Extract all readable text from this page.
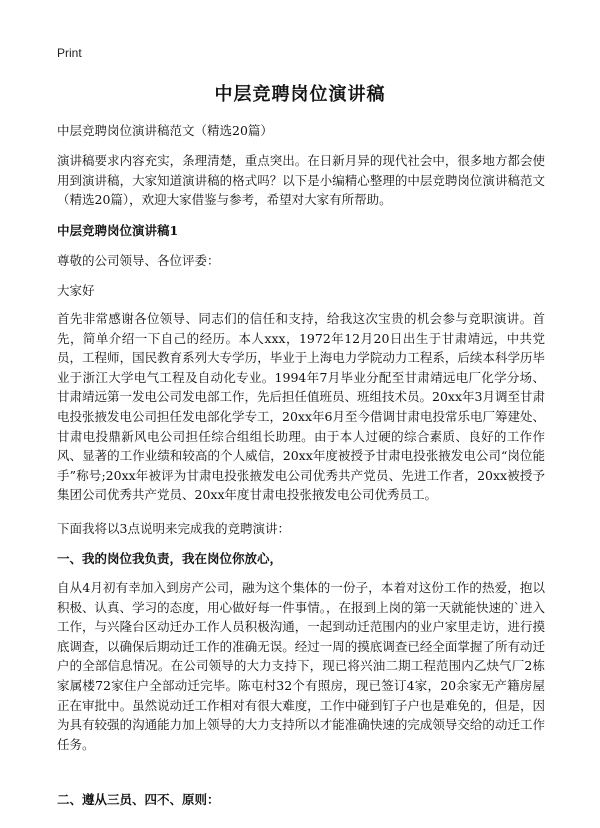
Print
中层竞聘岗位演讲稿
中层竞聘岗位演讲稿范文（精选20篇）

演讲稿要求内容充实，条理清楚，重点突出。在日新月异的现代社会中，很多地方都会使用到演讲稿，大家知道演讲稿的格式吗？以下是小编精心整理的中层竞聘岗位演讲稿范文（精选20篇），欢迎大家借鉴与参考，希望对大家有所帮助。

中层竞聘岗位演讲稿1
尊敬的公司领导、各位评委：
大家好

首先非常感谢各位领导、同志们的信任和支持，给我这次宝贵的机会参与竞职演讲。首先，简单介绍一下自己的经历。本人xxx，1972年12月20日出生于甘肃靖远，中共党员，工程师，国民教育系列大专学历，毕业于上海电力学院动力工程系，后续本科学历毕业于浙江大学电气工程及自动化专业。1994年7月毕业分配至甘肃靖远电厂化学分场、甘肃靖远第一发电公司发电部工作，先后担任值班员、班组技术员。20xx年3月调至甘肃电投张掖发电公司担任发电部化学专工，20xx年6月至今借调甘肃电投常乐电厂筹建处、甘肃电投鼎新风电公司担任综合组组长助理。由于本人过硬的综合素质、良好的工作作风、显著的工作业绩和较高的个人威信，20xx年度被授予甘肃电投张掖发电公司“岗位能手”称号;20xx年被评为甘肃电投张掖发电公司优秀共产党员、先进工作者，20xx被授予集团公司优秀共产党员、20xx年度甘肃电投张掖发电公司优秀员工。

下面我将以3点说明来完成我的竞聘演讲：
一、我的岗位我负责，我在岗位你放心，

自从4月初有幸加入到房产公司，融为这个集体的一份子，本着对这份工作的热爱，抱以积极、认真、学习的态度，用心做好每一件事情。，在报到上岗的第一天就能快速的`进入工作，与兴隆台区动迁办工作人员积极沟通，一起到动迁范围内的业户家里走访，进行摸底调查，以确保后期动迁工作的准确无误。经过一周的摸底调查已经全面掌握了所有动迁户的全部信息情况。在公司领导的大力支持下，现已将兴油二期工程范围内乙炔气厂2栋家属楼72家住户全部动迁完毕。陈屯村32个有照房，现已签订4家，20余家无产籍房屋正在审批中。虽然说动迁工作相对有很大难度，工作中碰到钉子户也是难免的，但是，因为具有较强的沟通能力加上领导的大力支持所以才能准确快速的完成领导交给的动迁工作任务。

二、遵从三员、四不、原则：
